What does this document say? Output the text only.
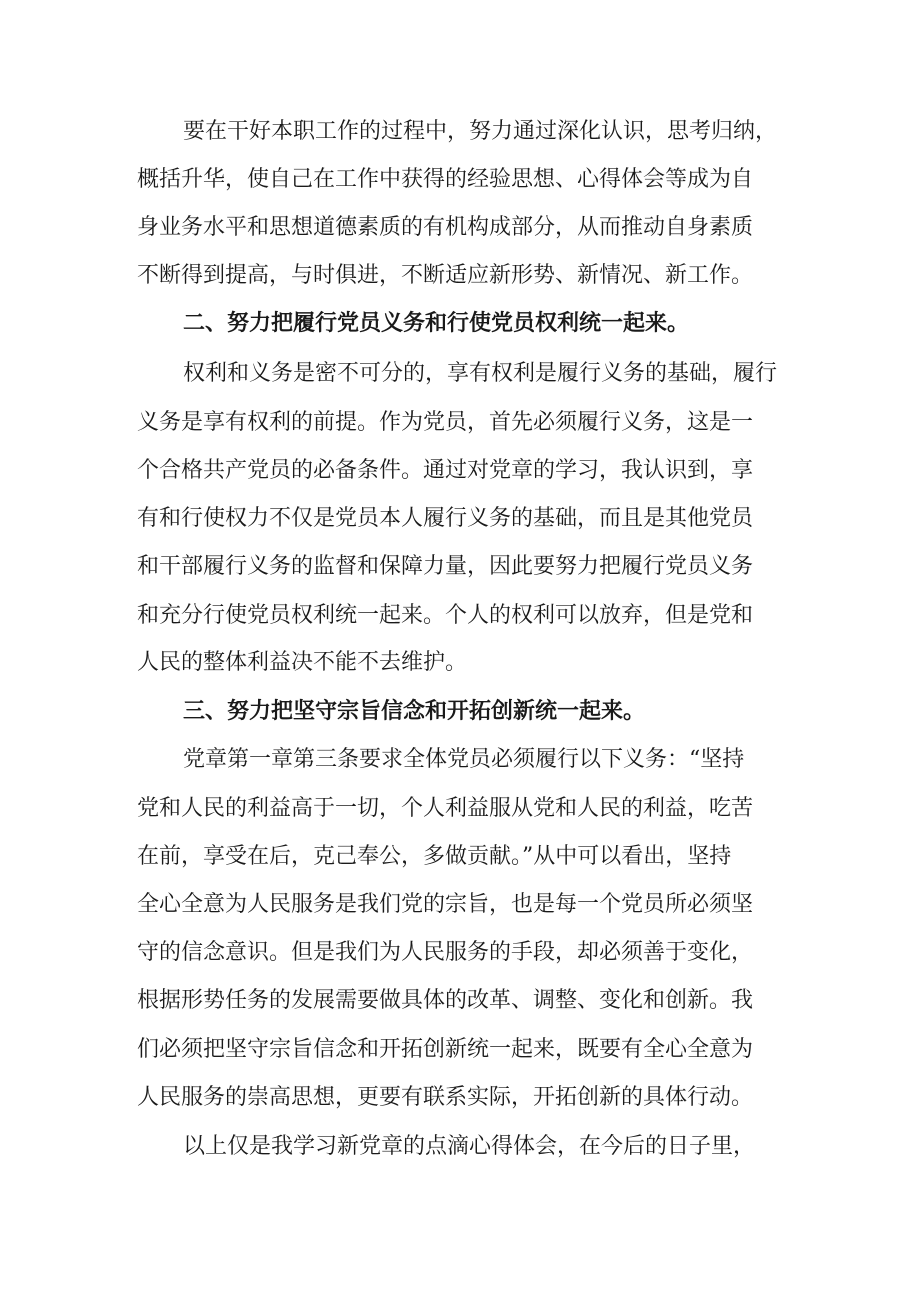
要在干好本职工作的过程中，努力通过深化认识，思考归纳，
概括升华，使自己在工作中获得的经验思想、心得体会等成为自
身业务水平和思想道德素质的有机构成部分，从而推动自身素质
不断得到提高，与时俱进，不断适应新形势、新情况、新工作。
二、努力把履行党员义务和行使党员权利统一起来。
权利和义务是密不可分的，享有权利是履行义务的基础，履行
义务是享有权利的前提。作为党员，首先必须履行义务，这是一
个合格共产党员的必备条件。通过对党章的学习，我认识到，享
有和行使权力不仅是党员本人履行义务的基础，而且是其他党员
和干部履行义务的监督和保障力量，因此要努力把履行党员义务
和充分行使党员权利统一起来。个人的权利可以放弃，但是党和
人民的整体利益决不能不去维护。
三、努力把坚守宗旨信念和开拓创新统一起来。
党章第一章第三条要求全体党员必须履行以下义务：“坚持
党和人民的利益高于一切，个人利益服从党和人民的利益，吃苦
在前，享受在后，克己奉公，多做贡献。”从中可以看出，坚持
全心全意为人民服务是我们党的宗旨，也是每一个党员所必须坚
守的信念意识。但是我们为人民服务的手段，却必须善于变化，
根据形势任务的发展需要做具体的改革、调整、变化和创新。我
们必须把坚守宗旨信念和开拓创新统一起来，既要有全心全意为
人民服务的崇高思想，更要有联系实际，开拓创新的具体行动。
以上仅是我学习新党章的点滴心得体会，在今后的日子里，
